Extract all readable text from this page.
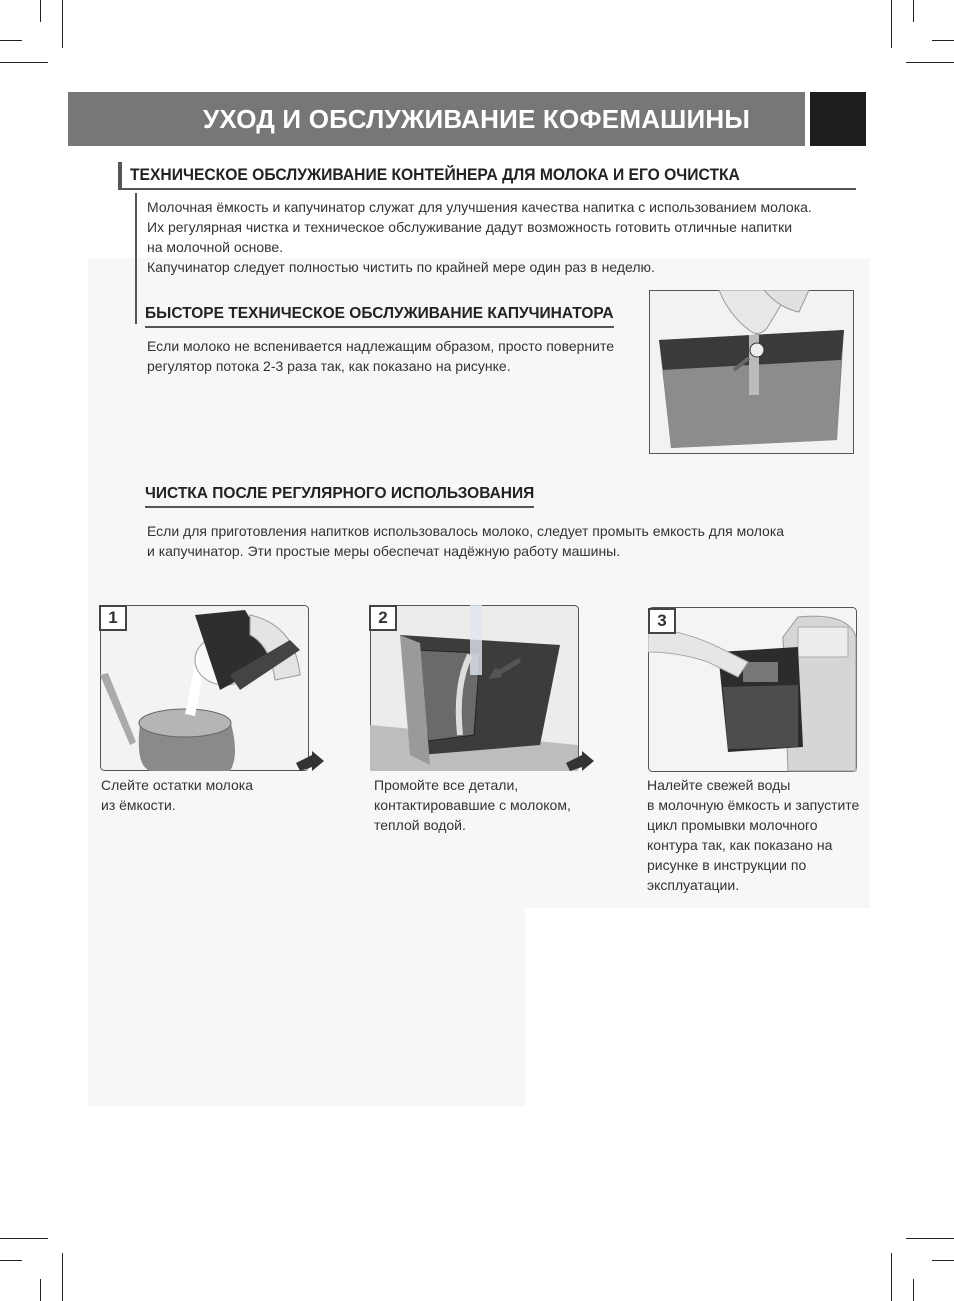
УХОД И ОБСЛУЖИВАНИЕ КОФЕМАШИНЫ
ТЕХНИЧЕСКОЕ ОБСЛУЖИВАНИЕ КОНТЕЙНЕРА ДЛЯ МОЛОКА И ЕГО ОЧИСТКА
Молочная ёмкость и капучинатор служат для улучшения качества напитка с использованием молока.
Их регулярная чистка и техническое обслуживание дадут возможность готовить отличные напитки
на молочной основе.
Капучинатор следует полностью чистить по крайней мере один раз в неделю.
БЫСТОРЕ ТЕХНИЧЕСКОЕ ОБСЛУЖИВАНИЕ КАПУЧИНАТОРА
Если молоко не вспенивается надлежащим образом, просто поверните
регулятор потока 2-3 раза так, как показано на рисунке.
ЧИСТКА ПОСЛЕ РЕГУЛЯРНОГО ИСПОЛЬЗОВАНИЯ
Если для приготовления напитков использовалось молоко, следует промыть емкость для молока
и капучинатор. Эти простые меры обеспечат надёжную работу машины.
1
Слейте остатки молока
из ёмкости.
2
Промойте все детали,
контактировавшие с молоком,
теплой водой.
3
Налейте свежей воды
в молочную ёмкость и запустите
цикл промывки молочного
контура так, как показано на
рисунке в инструкции по
эксплуатации.
